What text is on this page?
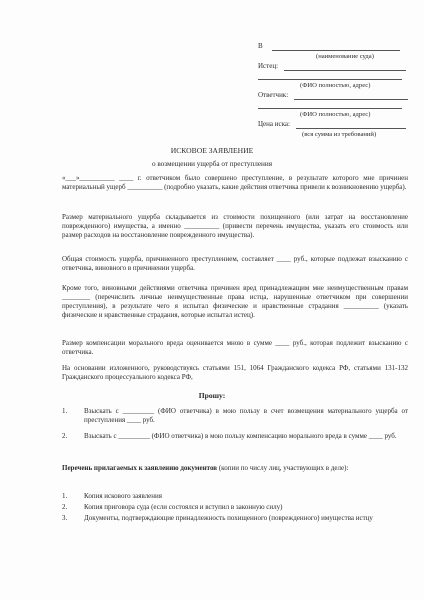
В
(наименование суда)
Истец:
(ФИО полностью, адрес)
Ответчик:
(ФИО полностью, адрес)
Цена иска:
(вся сумма из требований)
ИСКОВОЕ ЗАЯВЛЕНИЕ
о возмещении ущерба от преступления

«___»__________ ____ г. ответчиком было совершено преступление, в результате которого мне причинен материальный ущерб __________ (подробно указать, какие действия ответчика привели к возникновению ущерба).

Размер материального ущерба складывается из стоимости похищенного (или затрат на восстановление поврежденного) имущества, а именно __________ (привести перечень имущества, указать его стоимость или размер расходов на восстановление поврежденного имущества).

Общая стоимость ущерба, причиненного преступлением, составляет ____ руб., которые подлежат взысканию с ответчика, виновного в причинении ущерба.

Кроме того, виновными действиями ответчика причинен вред принадлежащим мне неимущественным правам ________ (перечислить личные неимущественные права истца, нарушенные ответчиком при совершении преступления), в результате чего я испытал физические и нравственные страдания __________ (указать физические и нравственные страдания, которые испытал истец).

Размер компенсации морального вреда оценивается мною в сумме ____ руб., которая подлежит взысканию с ответчика.

На основании изложенного, руководствуясь статьями 151, 1064 Гражданского кодекса РФ, статьями 131-132 Гражданского процессуального кодекса РФ,

Прошу:
1. Взыскать с _________ (ФИО ответчика) в мою пользу в счет возмещения материального ущерба от преступления ____ руб.
2. Взыскать с _________ (ФИО ответчика) в мою пользу компенсацию морального вреда в сумме ____ руб.

Перечень прилагаемых к заявлению документов (копии по числу лиц, участвующих в деле):

1. Копия искового заявления
2. Копия приговора суда (если состоялся и вступил в законную силу)
3. Документы, подтверждающие принадлежность похищенного (поврежденного) имущества истцу
